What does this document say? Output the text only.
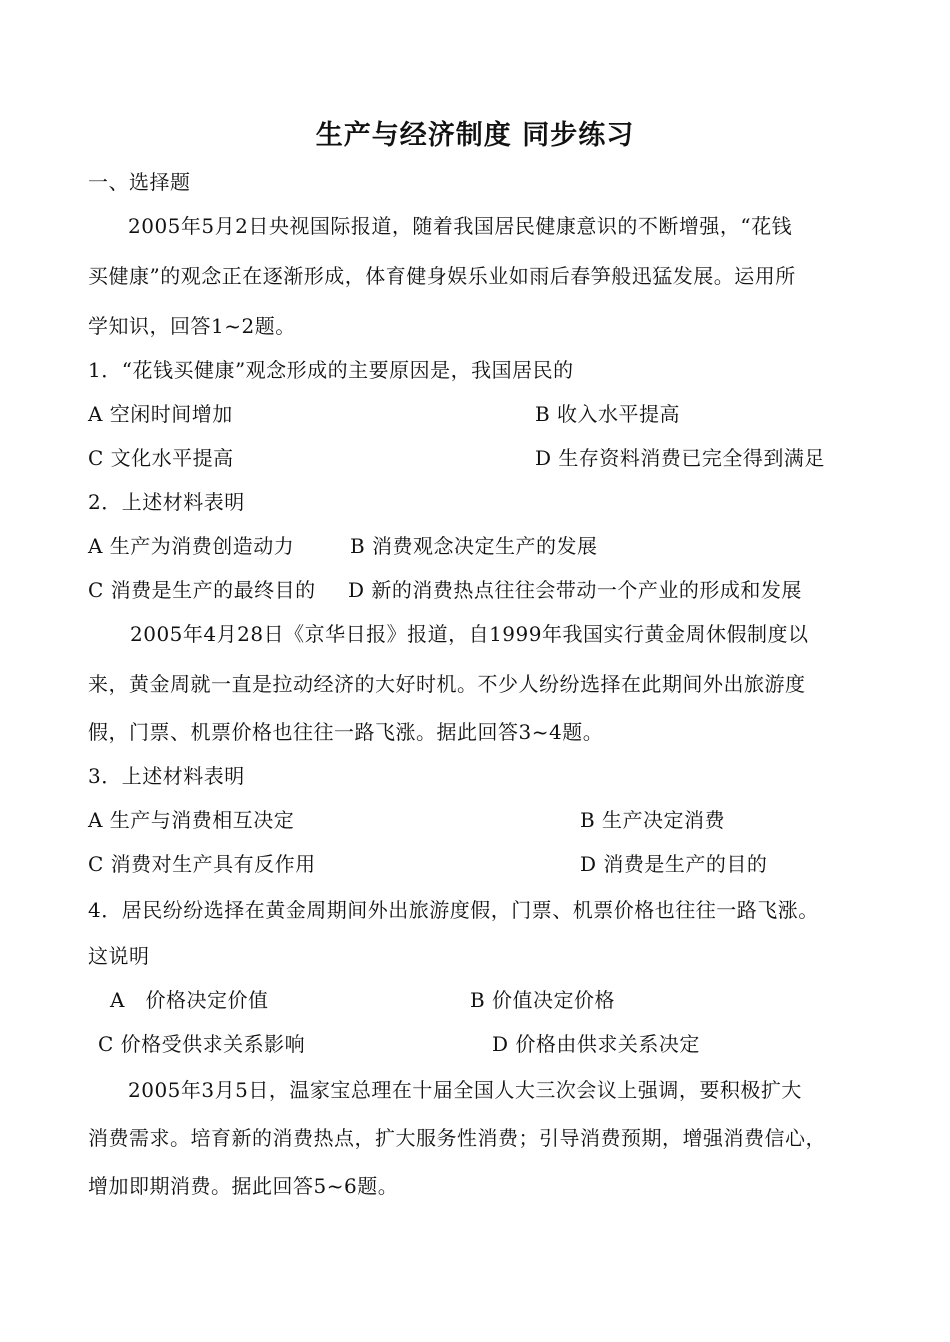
生产与经济制度 同步练习
一、选择题
2005年5月2日央视国际报道，随着我国居民健康意识的不断增强，“花钱
买健康”的观念正在逐渐形成，体育健身娱乐业如雨后春笋般迅猛发展。运用所
学知识，回答1~2题。
1．“花钱买健康”观念形成的主要原因是，我国居民的
A 空闲时间增加	B 收入水平提高
C 文化水平提高	D 生存资料消费已完全得到满足
2．上述材料表明
A 生产为消费创造动力	B 消费观念决定生产的发展
C 消费是生产的最终目的 D 新的消费热点往往会带动一个产业的形成和发展
2005年4月28日《京华日报》报道，自1999年我国实行黄金周休假制度以
来，黄金周就一直是拉动经济的大好时机。不少人纷纷选择在此期间外出旅游度
假，门票、机票价格也往往一路飞涨。据此回答3~4题。
3．上述材料表明
A 生产与消费相互决定	B 生产决定消费
C 消费对生产具有反作用	D 消费是生产的目的
4．居民纷纷选择在黄金周期间外出旅游度假，门票、机票价格也往往一路飞涨。
这说明
A　价格决定价值	B 价值决定价格
C 价格受供求关系影响	D 价格由供求关系决定
2005年3月5日，温家宝总理在十届全国人大三次会议上强调，要积极扩大
消费需求。培育新的消费热点，扩大服务性消费；引导消费预期，增强消费信心，
增加即期消费。据此回答5~6题。
